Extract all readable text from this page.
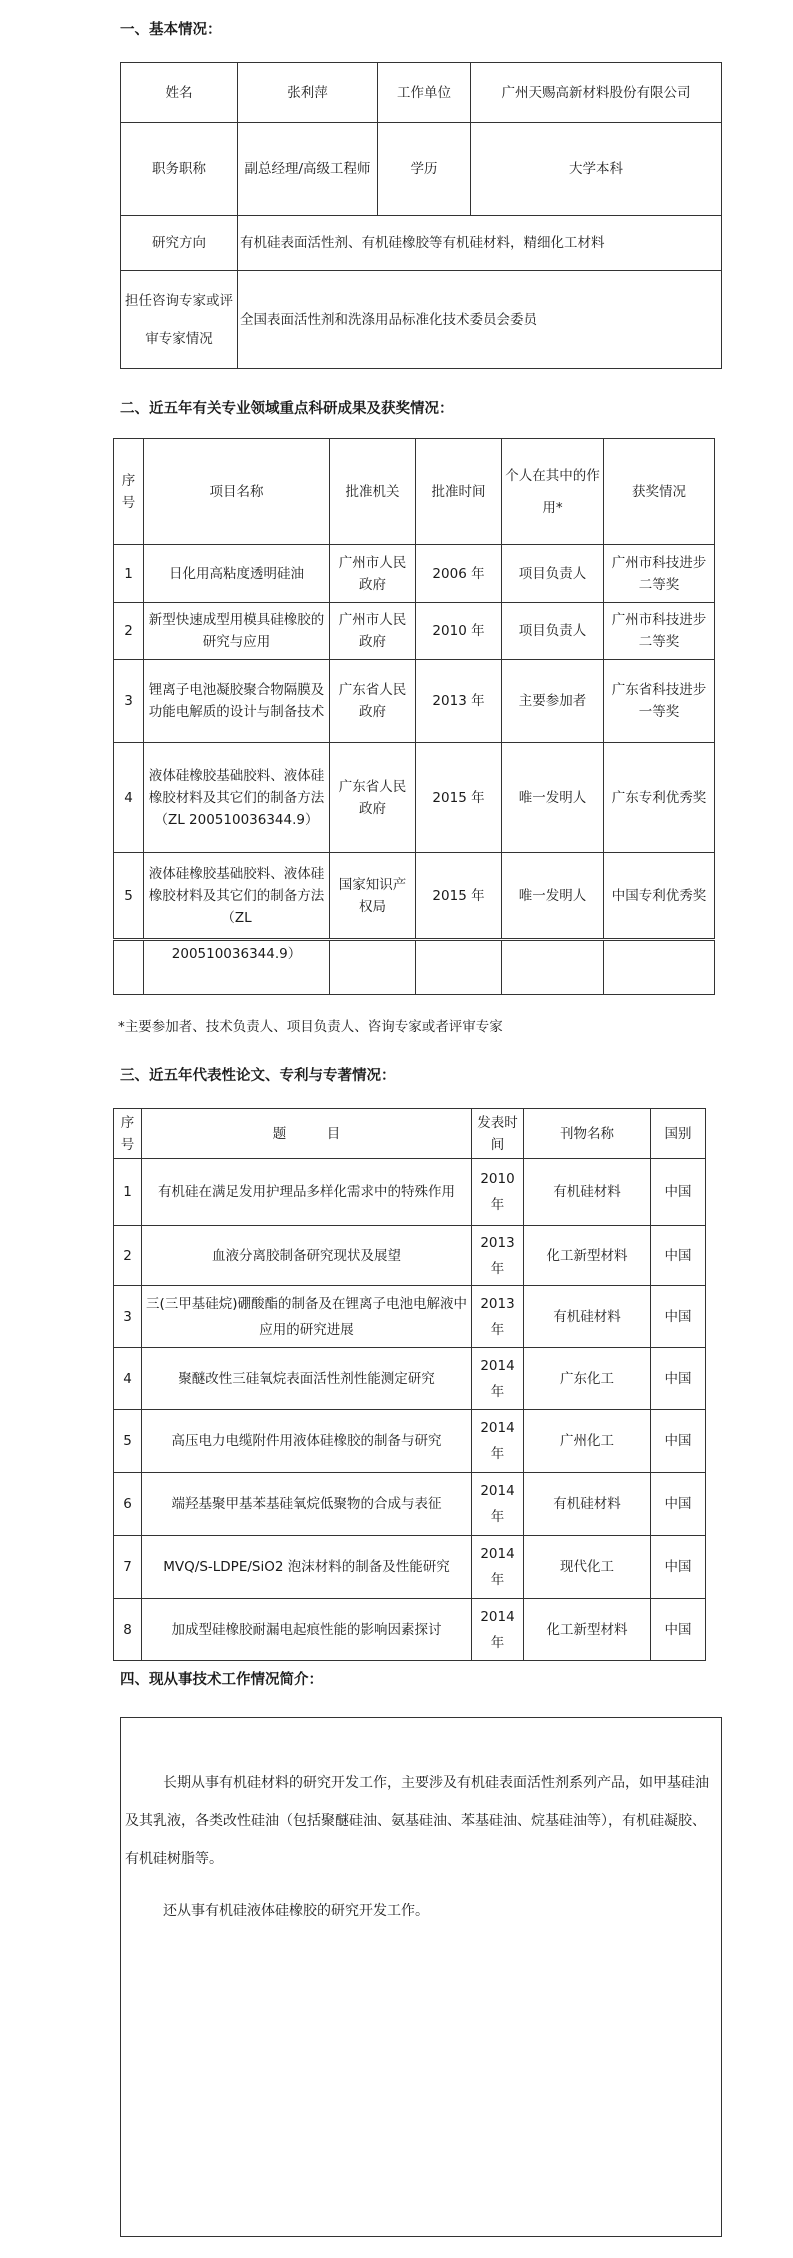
一、基本情况：
姓名	张利萍	工作单位	广州天赐高新材料股份有限公司
职务职称	副总经理/高级工程师	学历	大学本科
研究方向	有机硅表面活性剂、有机硅橡胶等有机硅材料，精细化工材料		
担任咨询专家或评审专家情况	全国表面活性剂和洗涤用品标准化技术委员会委员		
二、近五年有关专业领域重点科研成果及获奖情况：
序号	项目名称	批准机关	批准时间	个人在其中的作用*	获奖情况
1	日化用高粘度透明硅油	广州市人民政府	2006 年	项目负责人	广州市科技进步二等奖
2	新型快速成型用模具硅橡胶的研究与应用	广州市人民政府	2010 年	项目负责人	广州市科技进步二等奖
3	锂离子电池凝胶聚合物隔膜及功能电解质的设计与制备技术	广东省人民政府	2013 年	主要参加者	广东省科技进步一等奖
4	液体硅橡胶基础胶料、液体硅橡胶材料及其它们的制备方法（ZL 200510036344.9）	广东省人民政府	2015 年	唯一发明人	广东专利优秀奖
5	液体硅橡胶基础胶料、液体硅橡胶材料及其它们的制备方法（ZL	国家知识产权局	2015 年	唯一发明人	中国专利优秀奖
	200510036344.9）				
*主要参加者、技术负责人、项目负责人、咨询专家或者评审专家
三、近五年代表性论文、专利与专著情况：
序号	题　　　目	发表时间	刊物名称	国别
1	有机硅在满足发用护理品多样化需求中的特殊作用	2010年	有机硅材料	中国
2	血液分离胶制备研究现状及展望	2013年	化工新型材料	中国
3	三(三甲基硅烷)硼酸酯的制备及在锂离子电池电解液中应用的研究进展	2013年	有机硅材料	中国
4	聚醚改性三硅氧烷表面活性剂性能测定研究	2014年	广东化工	中国
5	高压电力电缆附件用液体硅橡胶的制备与研究	2014年	广州化工	中国
6	端羟基聚甲基苯基硅氧烷低聚物的合成与表征	2014年	有机硅材料	中国
7	MVQ/S-LDPE/SiO2 泡沫材料的制备及性能研究	2014年	现代化工	中国
8	加成型硅橡胶耐漏电起痕性能的影响因素探讨	2014年	化工新型材料	中国
四、现从事技术工作情况简介：

长期从事有机硅材料的研究开发工作，主要涉及有机硅表面活性剂系列产品，如甲基硅油及其乳液，各类改性硅油（包括聚醚硅油、氨基硅油、苯基硅油、烷基硅油等），有机硅凝胶、有机硅树脂等。

还从事有机硅液体硅橡胶的研究开发工作。
